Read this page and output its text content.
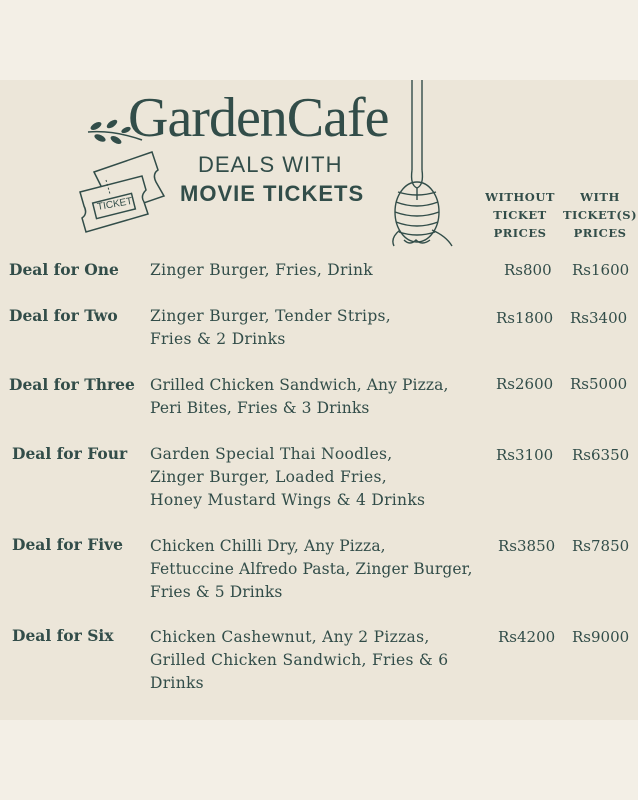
GardenCafe
DEALS WITH
MOVIE TICKETS
TICKET	WITHOUT
TICKET
PRICES
WITH
TICKET(S)
PRICES
Deal for One Zinger Burger, Fries, Drink	Rs800 Rs1600
Deal for Two Zinger Burger, Tender Strips,
Fries & 2 Drinks
Rs1800 Rs3400
Deal for Three Grilled Chicken Sandwich, Any Pizza,
Peri Bites, Fries & 3 Drinks
Rs2600 Rs5000
Deal for Four Garden Special Thai Noodles,
Zinger Burger, Loaded Fries,
Honey Mustard Wings & 4 Drinks
Rs3100 Rs6350
Deal for Five Chicken Chilli Dry, Any Pizza,
Fettuccine Alfredo Pasta, Zinger Burger,
Fries & 5 Drinks
Rs3850 Rs7850
Deal for Six Chicken Cashewnut, Any 2 Pizzas,
Grilled Chicken Sandwich, Fries & 6
Drinks
Rs4200 Rs9000
